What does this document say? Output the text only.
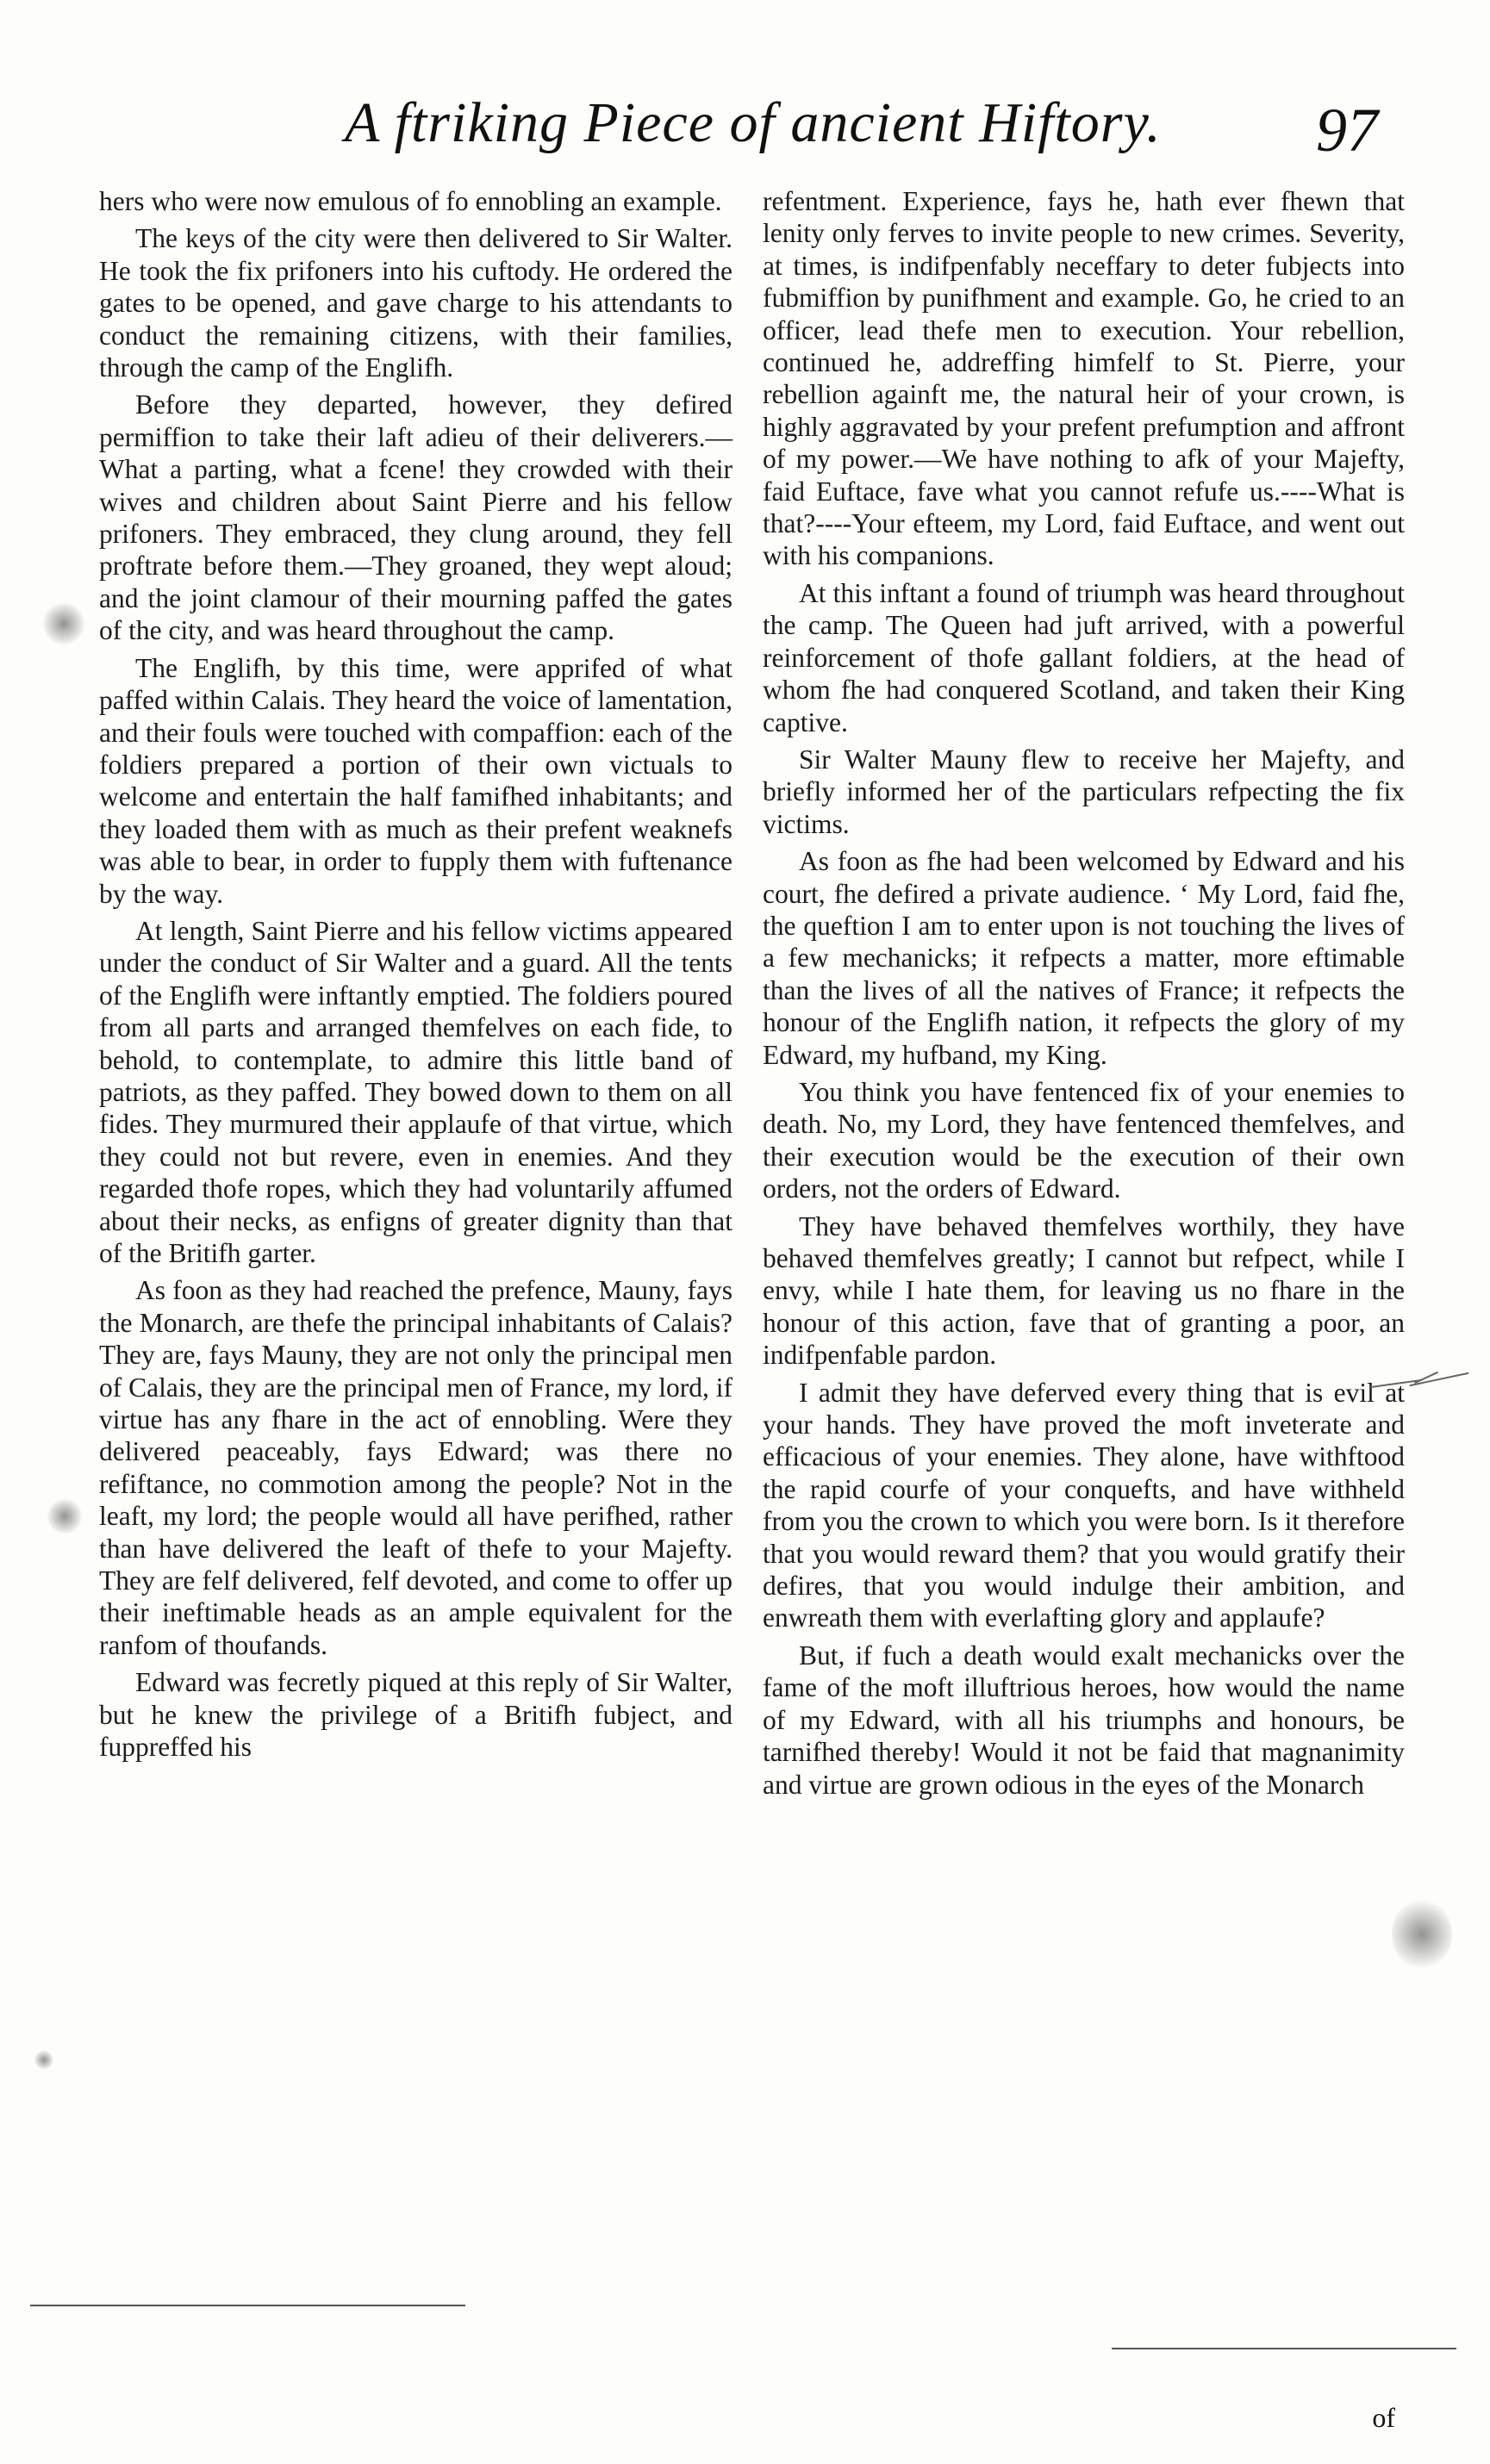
A ftriking Piece of ancient Hiftory. 97

hers who were now emulous of fo ennobling an example.

The keys of the city were then delivered to Sir Walter. He took the fix prifoners into his cuftody. He ordered the gates to be opened, and gave charge to his attendants to conduct the remaining citizens, with their families, through the camp of the Englifh.

Before they departed, however, they defired permiffion to take their laft adieu of their deliverers.—What a parting, what a fcene! they crowded with their wives and children about Saint Pierre and his fellow prifoners. They embraced, they clung around, they fell proftrate before them.—They groaned, they wept aloud; and the joint clamour of their mourning paffed the gates of the city, and was heard throughout the camp.

The Englifh, by this time, were apprifed of what paffed within Calais. They heard the voice of lamentation, and their fouls were touched with compaffion: each of the foldiers prepared a portion of their own victuals to welcome and entertain the half famifhed inhabitants; and they loaded them with as much as their prefent weaknefs was able to bear, in order to fupply them with fuftenance by the way.

At length, Saint Pierre and his fellow victims appeared under the conduct of Sir Walter and a guard. All the tents of the Englifh were inftantly emptied. The foldiers poured from all parts and arranged themfelves on each fide, to behold, to contemplate, to admire this little band of patriots, as they paffed. They bowed down to them on all fides. They murmured their applaufe of that virtue, which they could not but revere, even in enemies. And they regarded thofe ropes, which they had voluntarily affumed about their necks, as enfigns of greater dignity than that of the Britifh garter.

As foon as they had reached the prefence, Mauny, fays the Monarch, are thefe the principal inhabitants of Calais? They are, fays Mauny, they are not only the principal men of Calais, they are the principal men of France, my lord, if virtue has any fhare in the act of ennobling. Were they delivered peaceably, fays Edward; was there no refiftance, no commotion among the people? Not in the leaft, my lord; the people would all have perifhed, rather than have delivered the leaft of thefe to your Majefty. They are felf delivered, felf devoted, and come to offer up their ineftimable heads as an ample equivalent for the ranfom of thoufands.

Edward was fecretly piqued at this reply of Sir Walter, but he knew the privilege of a Britifh fubject, and fuppreffed his

refentment. Experience, fays he, hath ever fhewn that lenity only ferves to invite people to new crimes. Severity, at times, is indifpenfably neceffary to deter fubjects into fubmiffion by punifhment and example. Go, he cried to an officer, lead thefe men to execution. Your rebellion, continued he, addreffing himfelf to St. Pierre, your rebellion againft me, the natural heir of your crown, is highly aggravated by your prefent prefumption and affront of my power.—We have nothing to afk of your Majefty, faid Euftace, fave what you cannot refufe us.----What is that?----Your efteem, my Lord, faid Euftace, and went out with his companions.

At this inftant a found of triumph was heard throughout the camp. The Queen had juft arrived, with a powerful reinforcement of thofe gallant foldiers, at the head of whom fhe had conquered Scotland, and taken their King captive.

Sir Walter Mauny flew to receive her Majefty, and briefly informed her of the particulars refpecting the fix victims.

As foon as fhe had been welcomed by Edward and his court, fhe defired a private audience. ‘ My Lord, faid fhe, the queftion I am to enter upon is not touching the lives of a few mechanicks; it refpects a matter, more eftimable than the lives of all the natives of France; it refpects the honour of the Englifh nation, it refpects the glory of my Edward, my hufband, my King.

You think you have fentenced fix of your enemies to death. No, my Lord, they have fentenced themfelves, and their execution would be the execution of their own orders, not the orders of Edward.

They have behaved themfelves worthily, they have behaved themfelves greatly; I cannot but refpect, while I envy, while I hate them, for leaving us no fhare in the honour of this action, fave that of granting a poor, an indifpenfable pardon.

I admit they have deferved every thing that is evil at your hands. They have proved the moft inveterate and efficacious of your enemies. They alone, have withftood the rapid courfe of your conquefts, and have withheld from you the crown to which you were born. Is it therefore that you would reward them? that you would gratify their defires, that you would indulge their ambition, and enwreath them with everlafting glory and applaufe?

But, if fuch a death would exalt mechanicks over the fame of the moft illuftrious heroes, how would the name of my Edward, with all his triumphs and honours, be tarnifhed thereby! Would it not be faid that magnanimity and virtue are grown odious in the eyes of the Monarch

of
